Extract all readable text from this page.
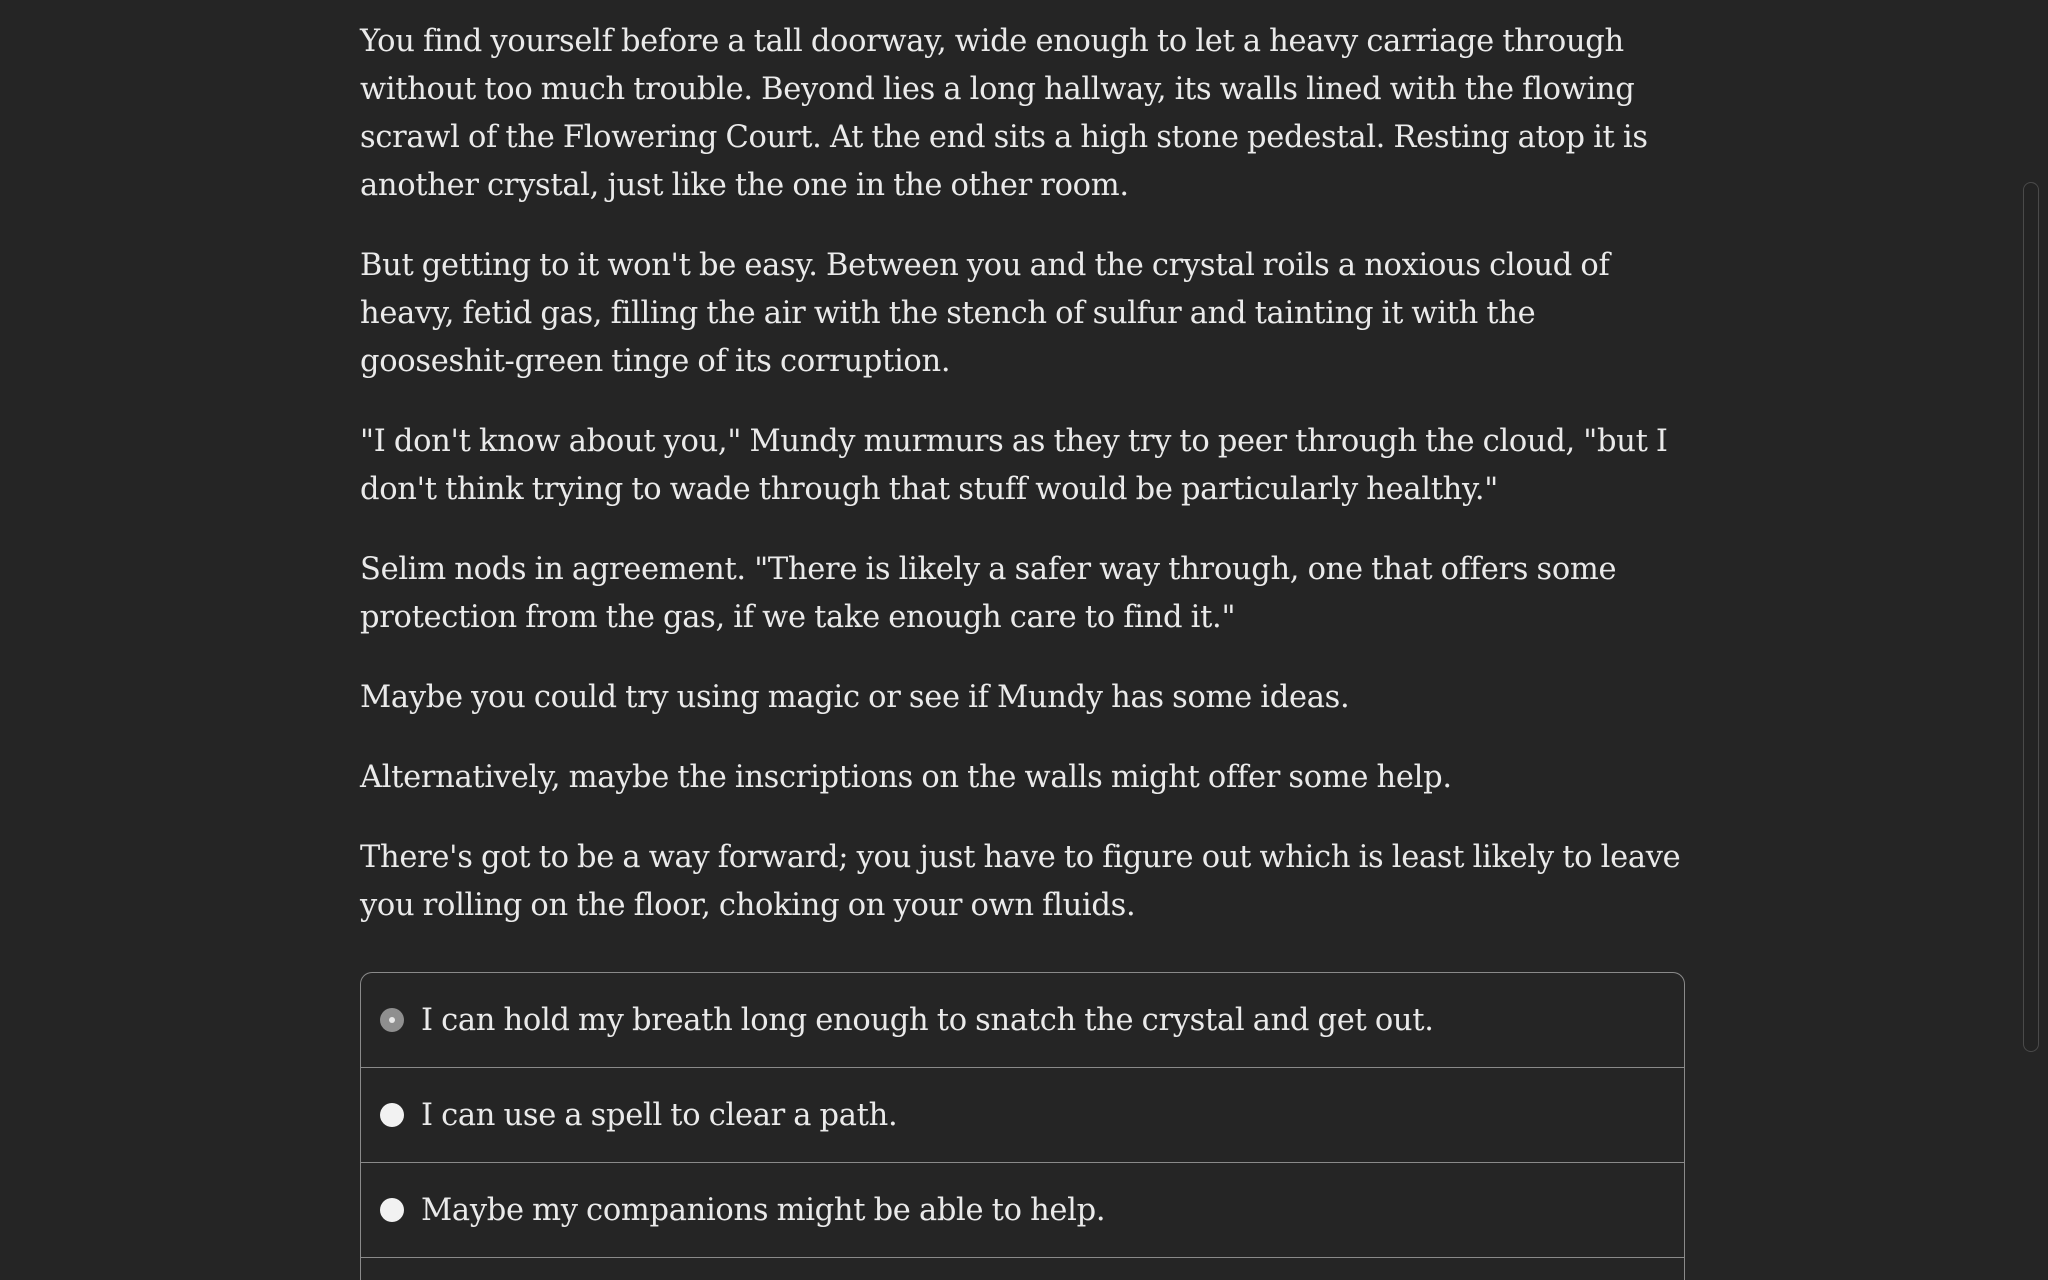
You find yourself before a tall doorway, wide enough to let a heavy carriage through without too much trouble. Beyond lies a long hallway, its walls lined with the flowing scrawl of the Flowering Court. At the end sits a high stone pedestal. Resting atop it is another crystal, just like the one in the other room.

But getting to it won't be easy. Between you and the crystal roils a noxious cloud of heavy, fetid gas, filling the air with the stench of sulfur and tainting it with the gooseshit-green tinge of its corruption.

"I don't know about you," Mundy murmurs as they try to peer through the cloud, "but I don't think trying to wade through that stuff would be particularly healthy."

Selim nods in agreement. "There is likely a safer way through, one that offers some protection from the gas, if we take enough care to find it."

Maybe you could try using magic or see if Mundy has some ideas.

Alternatively, maybe the inscriptions on the walls might offer some help.

There's got to be a way forward; you just have to figure out which is least likely to leave you rolling on the floor, choking on your own fluids.

I can hold my breath long enough to snatch the crystal and get out.
I can use a spell to clear a path.
Maybe my companions might be able to help.
